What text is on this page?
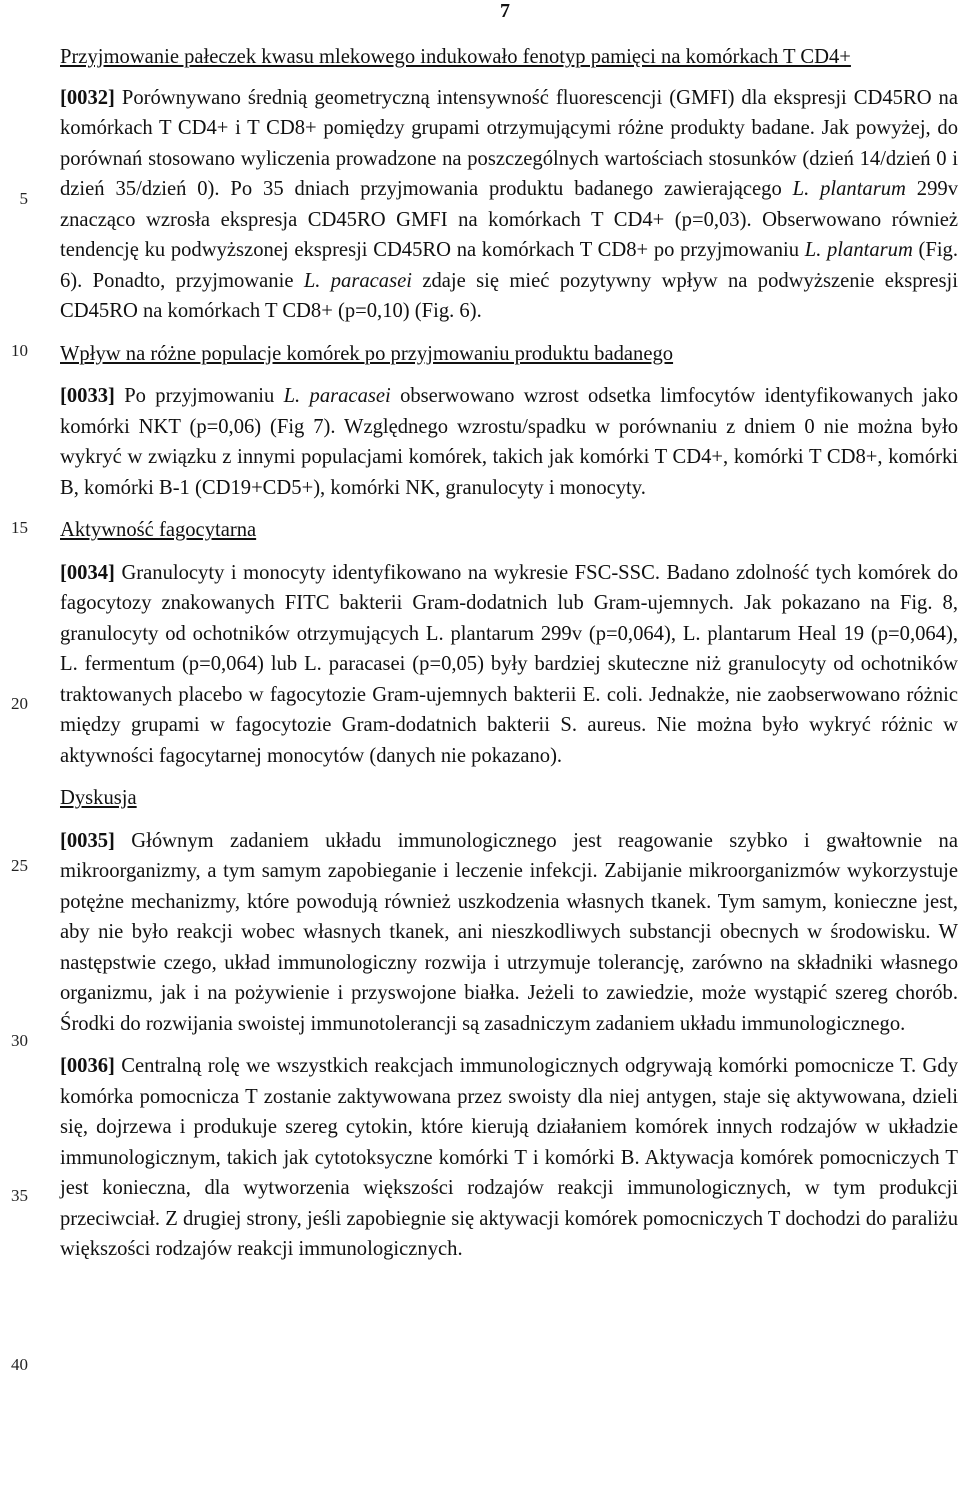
7
5
10
15
20
25
30
35
40

Przyjmowanie pałeczek kwasu mlekowego indukowało fenotyp pamięci na komórkach T CD4+

[0032] Porównywano średnią geometryczną intensywność fluorescencji (GMFI) dla ekspresji CD45RO na komórkach T CD4+ i T CD8+ pomiędzy grupami otrzymującymi różne produkty badane. Jak powyżej, do porównań stosowano wyliczenia prowadzone na poszczególnych wartościach stosunków (dzień 14/dzień 0 i dzień 35/dzień 0). Po 35 dniach przyjmowania produktu badanego zawierającego L. plantarum 299v znacząco wzrosła ekspresja CD45RO GMFI na komórkach T CD4+ (p=0,03). Obserwowano również tendencję ku podwyższonej ekspresji CD45RO na komórkach T CD8+ po przyjmowaniu L. plantarum (Fig. 6). Ponadto, przyjmowanie L. paracasei zdaje się mieć pozytywny wpływ na podwyższenie ekspresji CD45RO na komórkach T CD8+ (p=0,10) (Fig. 6).

Wpływ na różne populacje komórek po przyjmowaniu produktu badanego

[0033] Po przyjmowaniu L. paracasei obserwowano wzrost odsetka limfocytów identyfikowanych jako komórki NKT (p=0,06) (Fig 7). Względnego wzrostu/spadku w porównaniu z dniem 0 nie można było wykryć w związku z innymi populacjami komórek, takich jak komórki T CD4+, komórki T CD8+, komórki B, komórki B-1 (CD19+CD5+), komórki NK, granulocyty i monocyty.

Aktywność fagocytarna

[0034] Granulocyty i monocyty identyfikowano na wykresie FSC-SSC. Badano zdolność tych komórek do fagocytozy znakowanych FITC bakterii Gram-dodatnich lub Gram-ujemnych. Jak pokazano na Fig. 8, granulocyty od ochotników otrzymujących L. plantarum 299v (p=0,064), L. plantarum Heal 19 (p=0,064), L. fermentum (p=0,064) lub L. paracasei (p=0,05) były bardziej skuteczne niż granulocyty od ochotników traktowanych placebo w fagocytozie Gram-ujemnych bakterii E. coli. Jednakże, nie zaobserwowano różnic między grupami w fagocytozie Gram-dodatnich bakterii S. aureus. Nie można było wykryć różnic w aktywności fagocytarnej monocytów (danych nie pokazano).

Dyskusja

[0035] Głównym zadaniem układu immunologicznego jest reagowanie szybko i gwałtownie na mikroorganizmy, a tym samym zapobieganie i leczenie infekcji. Zabijanie mikroorganizmów wykorzystuje potężne mechanizmy, które powodują również uszkodzenia własnych tkanek. Tym samym, konieczne jest, aby nie było reakcji wobec własnych tkanek, ani nieszkodliwych substancji obecnych w środowisku. W następstwie czego, układ immunologiczny rozwija i utrzymuje tolerancję, zarówno na składniki własnego organizmu, jak i na pożywienie i przyswojone białka. Jeżeli to zawiedzie, może wystąpić szereg chorób. Środki do rozwijania swoistej immunotolerancji są zasadniczym zadaniem układu immunologicznego.

[0036] Centralną rolę we wszystkich reakcjach immunologicznych odgrywają komórki pomocnicze T. Gdy komórka pomocnicza T zostanie zaktywowana przez swoisty dla niej antygen, staje się aktywowana, dzieli się, dojrzewa i produkuje szereg cytokin, które kierują działaniem komórek innych rodzajów w układzie immunologicznym, takich jak cytotoksyczne komórki T i komórki B. Aktywacja komórek pomocniczych T jest konieczna, dla wytworzenia większości rodzajów reakcji immunologicznych, w tym produkcji przeciwciał. Z drugiej strony, jeśli zapobiegnie się aktywacji komórek pomocniczych T dochodzi do paraliżu większości rodzajów reakcji immunologicznych.
